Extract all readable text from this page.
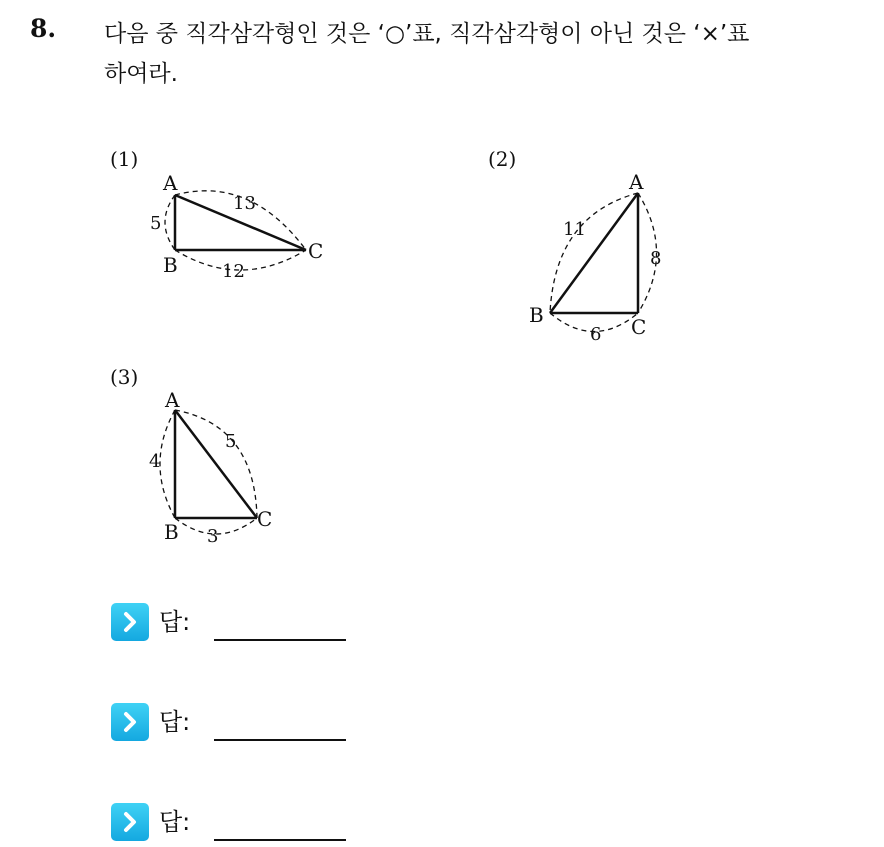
8. 다음 중 직각삼각형인 것은 ‘○’표, 직각삼각형이 아닌 것은 ‘×’표
하여라.
(1)
A
B
C
5
13
12
(2)
A
B	C
11
8
6
(3)
A
B
C
4
5
3
답:
답:
답:
